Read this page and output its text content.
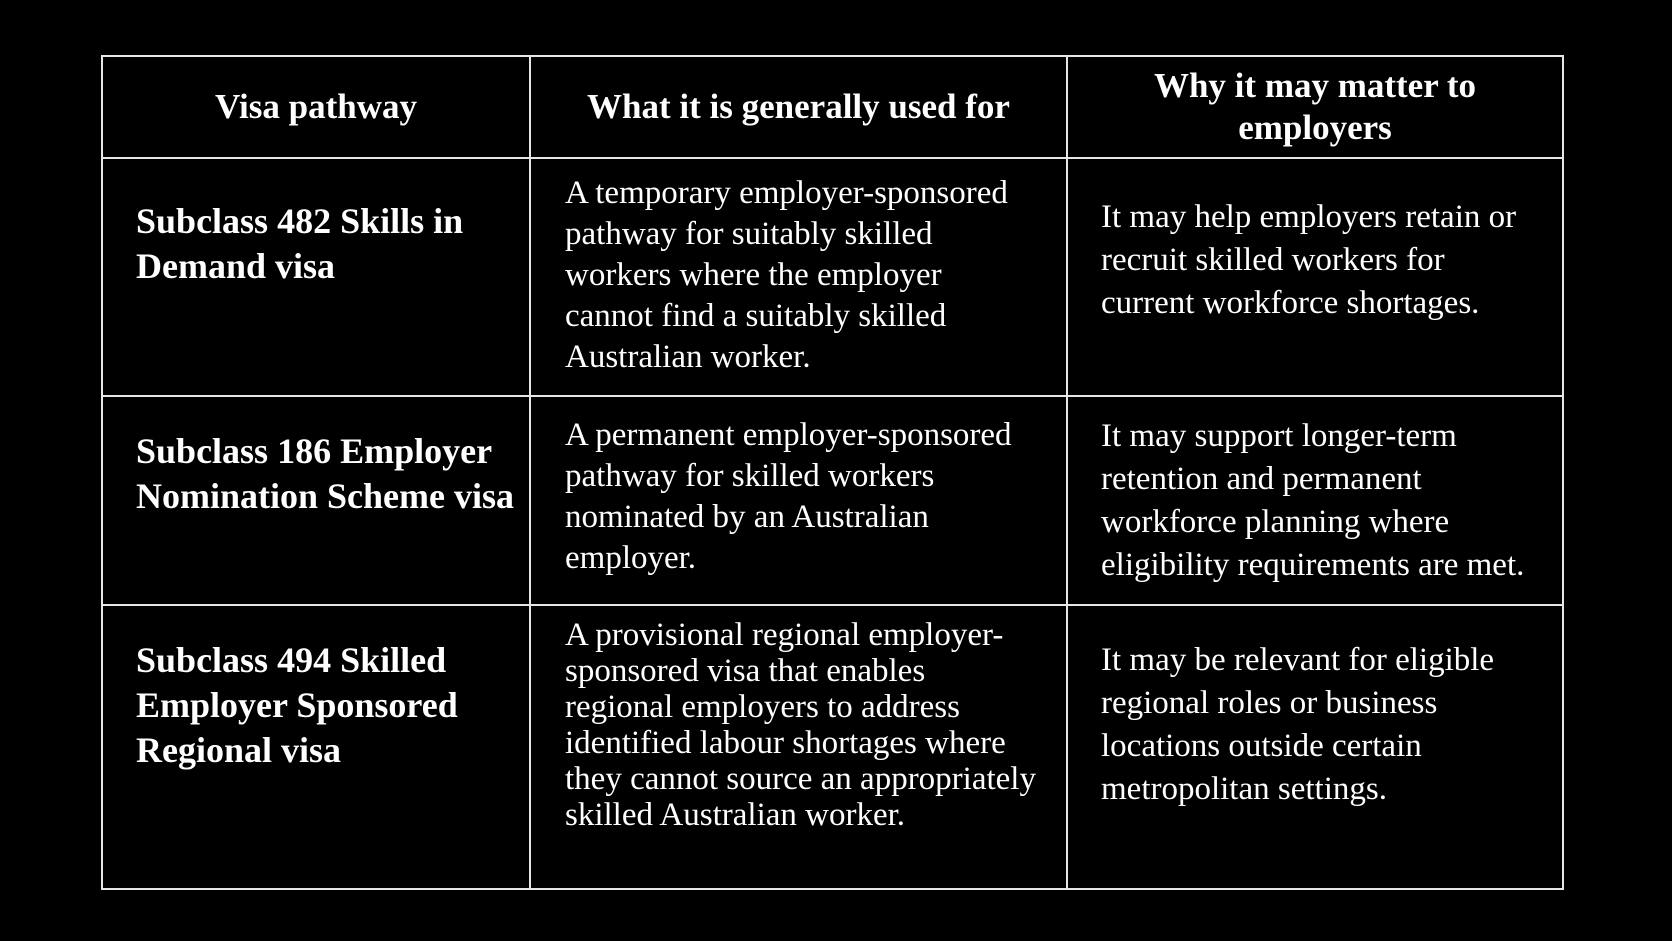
Visa pathway	What it is generally used for	Why it may matter to employers

Subclass 482 Skills in Demand visa	A temporary employer-sponsored pathway for suitably skilled workers where the employer cannot find a suitably skilled Australian worker.	It may help employers retain or recruit skilled workers for current workforce shortages.

Subclass 186 Employer Nomination Scheme visa	A permanent employer-sponsored pathway for skilled workers nominated by an Australian employer.	It may support longer-term retention and permanent workforce planning where eligibility requirements are met.

Subclass 494 Skilled Employer Sponsored Regional visa	A provisional regional employer-sponsored visa that enables regional employers to address identified labour shortages where they cannot source an appropriately skilled Australian worker.	It may be relevant for eligible regional roles or business locations outside certain metropolitan settings.
